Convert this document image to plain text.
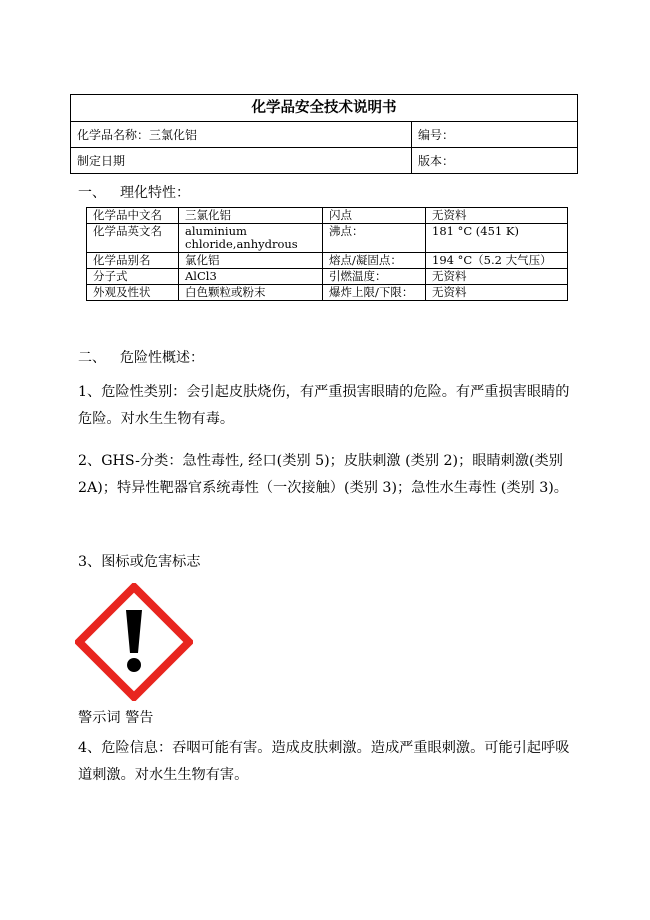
化学品安全技术说明书	
化学品名称：三氯化铝	编号：
制定日期	版本：
一、 理化特性：
化学品中文名	三氯化铝	闪点	无资料
化学品英文名	aluminium chloride,anhydrous	沸点：	181 °C (451 K)
化学品别名	氯化铝	熔点/凝固点：	194 °C（5.2 大气压）
分子式	AlCl3	引燃温度：	无资料
外观及性状	白色颗粒或粉末	爆炸上限/下限：	无资料
二、 危险性概述：
1、危险性类别：会引起皮肤烧伤，有严重损害眼睛的危险。有严重损害眼睛的危险。对水生生物有毒。
2、GHS-分类：急性毒性, 经口(类别 5)；皮肤刺激 (类别 2)；眼睛刺激(类别 2A)；特异性靶器官系统毒性（一次接触）(类别 3)；急性水生毒性 (类别 3)。
3、图标或危害标志
警示词 警告
4、危险信息：吞咽可能有害。造成皮肤刺激。造成严重眼刺激。可能引起呼吸道刺激。对水生生物有害。
